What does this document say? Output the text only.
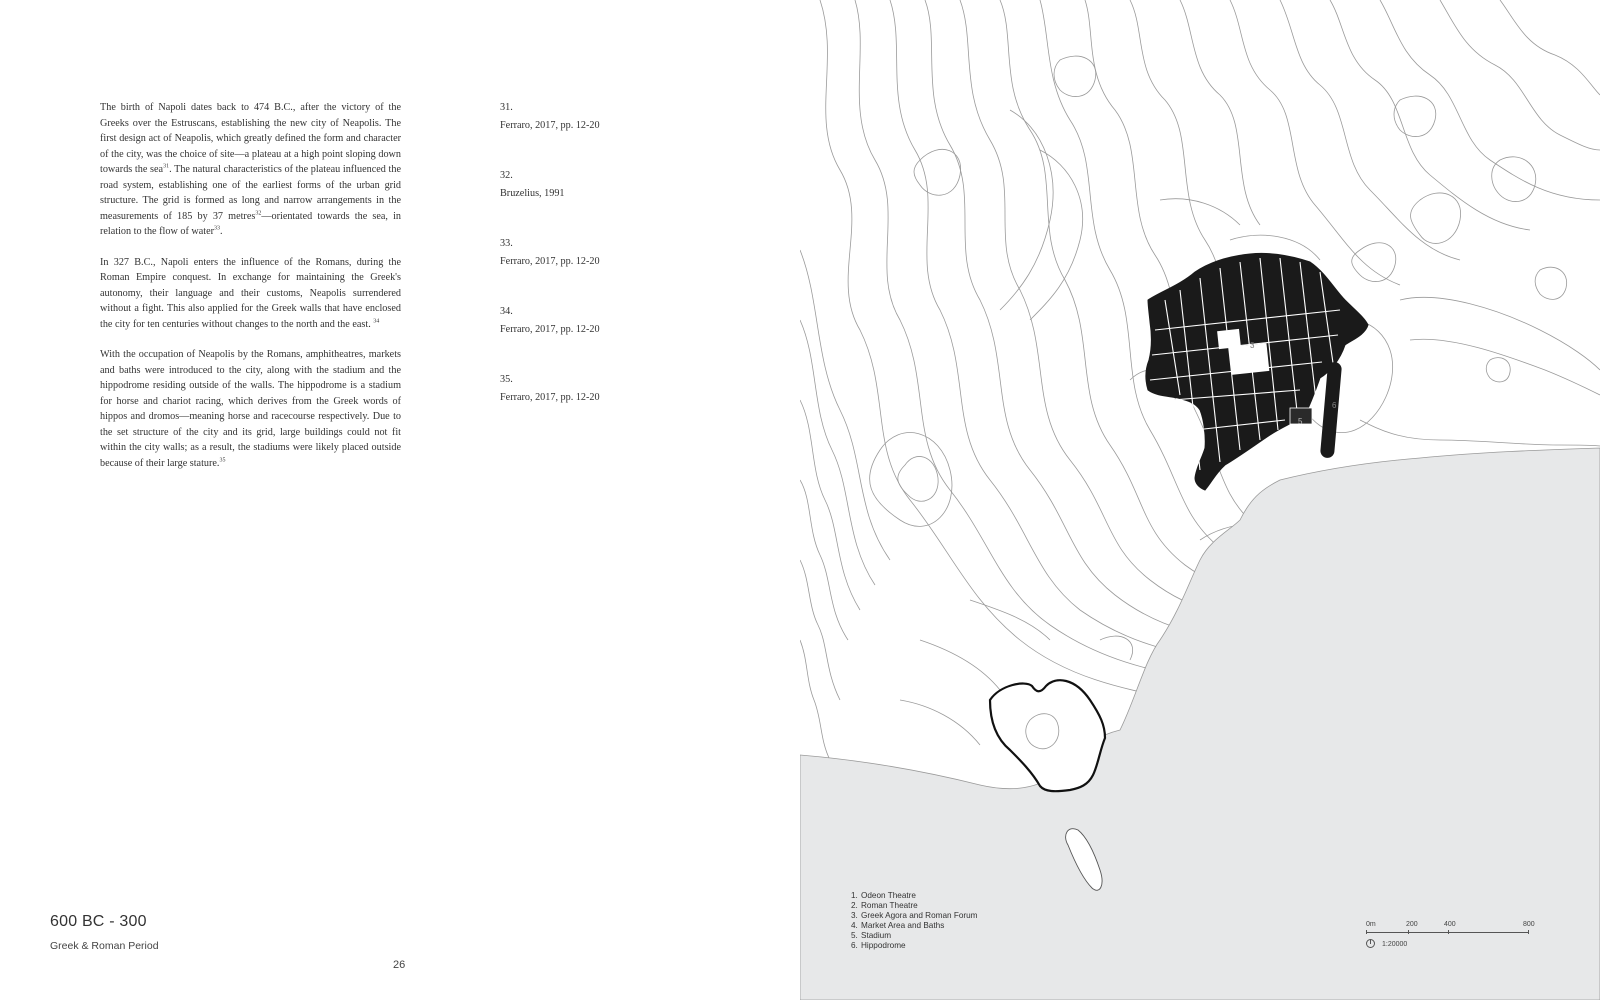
The birth of Napoli dates back to 474 B.C., after the victory of the Greeks over the Estruscans, establishing the new city of Neapolis. The first design act of Neapolis, which greatly defined the form and character of the city, was the choice of site—a plateau at a high point sloping down towards the sea$^{31}$. The natural characteristics of the plateau influenced the road system, establishing one of the earliest forms of the urban grid structure. The grid is formed as long and narrow arrangements in the measurements of 185 by 37 metres$^{32}$—orientated towards the sea, in relation to the flow of water$^{33}$.

In 327 B.C., Napoli enters the influence of the Romans, during the Roman Empire conquest. In exchange for maintaining the Greek's autonomy, their language and their customs, Neapolis surrendered without a fight. This also applied for the Greek walls that have enclosed the city for ten centuries without changes to the north and the east. $^{34}$

With the occupation of Neapolis by the Romans, amphitheatres, markets and baths were introduced to the city, along with the stadium and the hippodrome residing outside of the walls. The hippodrome is a stadium for horse and chariot racing, which derives from the Greek words of hippos and dromos—meaning horse and racecourse respectively. Due to the set structure of the city and its grid, large buildings could not fit within the city walls; as a result, the stadiums were likely placed outside because of their large stature.$^{35}$

31.
Ferraro, 2017, pp. 12-20
32.
Bruzelius, 1991
33.
Ferraro, 2017, pp. 12-20
34.
Ferraro, 2017, pp. 12-20
35.
Ferraro, 2017, pp. 12-20
600 BC - 300
Greek & Roman Period
26
3
5
6
1. Odeon Theatre
2. Roman Theatre
3. Greek Agora and Roman Forum
4. Market Area and Baths
5. Stadium
6. Hippodrome
0m	200	400	800
1:20000
